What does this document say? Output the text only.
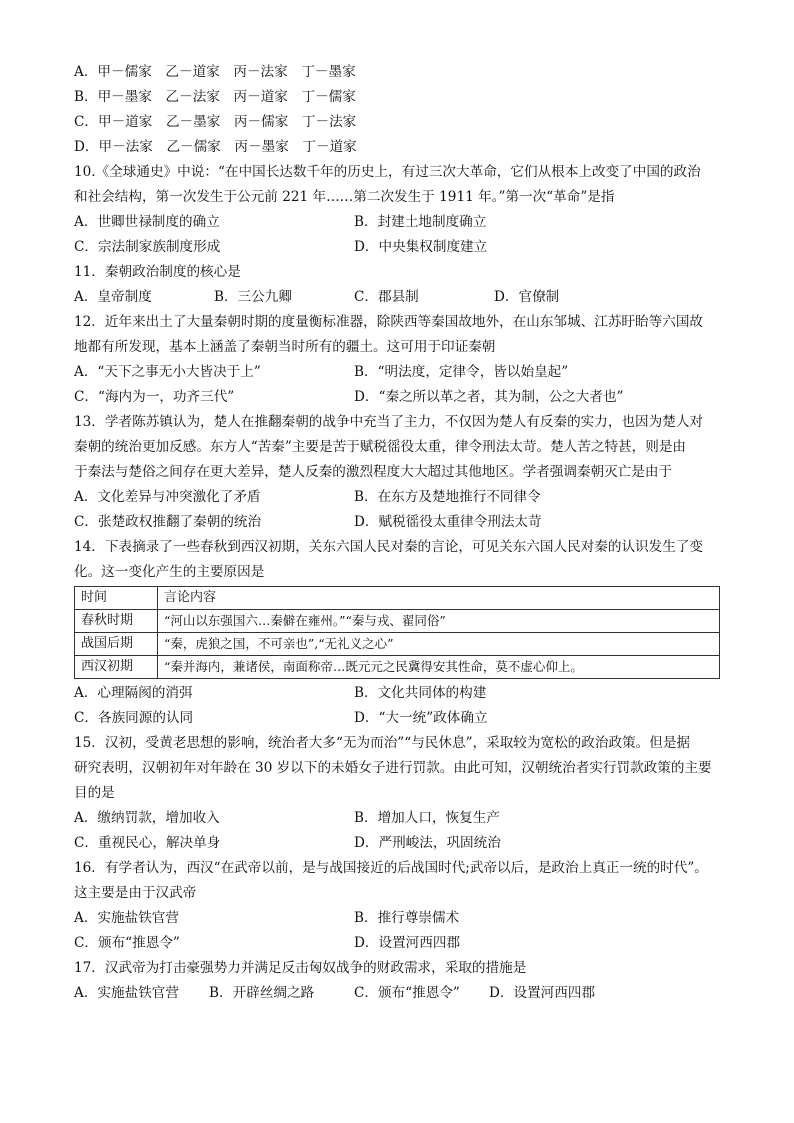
A．甲－儒家　乙－道家　丙－法家　丁－墨家
B．甲－墨家　乙－法家　丙－道家　丁－儒家
C．甲－道家　乙－墨家　丙－儒家　丁－法家
D．甲－法家　乙－儒家　丙－墨家　丁－道家
10.《全球通史》中说：“在中国长达数千年的历史上，有过三次大革命，它们从根本上改变了中国的政治
和社会结构，第一次发生于公元前 221 年……第二次发生于 1911 年。”第一次“革命”是指
A．世卿世禄制度的确立	B．封建土地制度确立
C．宗法制家族制度形成	D．中央集权制度建立
11．秦朝政治制度的核心是
A．皇帝制度	B．三公九卿	C．郡县制	D．官僚制
12．近年来出土了大量秦朝时期的度量衡标准器，除陕西等秦国故地外，在山东邹城、江苏盱眙等六国故
地都有所发现，基本上涵盖了秦朝当时所有的疆土。这可用于印证秦朝
A．“天下之事无小大皆决于上”	B．“明法度，定律令，皆以始皇起”
C．“海内为一，功齐三代”	D．“秦之所以革之者，其为制，公之大者也”
13．学者陈苏镇认为，楚人在推翻秦朝的战争中充当了主力，不仅因为楚人有反秦的实力，也因为楚人对
秦朝的统治更加反感。东方人“苦秦”主要是苦于赋税徭役太重，律令刑法太苛。楚人苦之特甚，则是由
于秦法与楚俗之间存在更大差异，楚人反秦的激烈程度大大超过其他地区。学者强调秦朝灭亡是由于
A．文化差异与冲突激化了矛盾	B．在东方及楚地推行不同律令
C．张楚政权推翻了秦朝的统治	D．赋税徭役太重律令刑法太苛
14．下表摘录了一些春秋到西汉初期，关东六国人民对秦的言论，可见关东六国人民对秦的认识发生了变
化。这一变化产生的主要原因是
时间	言论内容
春秋时期	“河山以东强国六…秦僻在雍州。”“秦与戎、翟同俗”
战国后期	“秦，虎狼之国，不可亲也”,“无礼义之心”
西汉初期	“秦并海内，兼诸侯，南面称帝…既元元之民冀得安其性命，莫不虚心仰上。
A．心理隔阂的消弭	B．文化共同体的构建
C．各族同源的认同	D．“大一统”政体确立
15．汉初，受黄老思想的影响，统治者大多“无为而治”“与民休息”，采取较为宽松的政治政策。但是据
研究表明，汉朝初年对年龄在 30 岁以下的未婚女子进行罚款。由此可知，汉朝统治者实行罚款政策的主要
目的是
A．缴纳罚款，增加收入	B．增加人口，恢复生产
C．重视民心，解决单身	D．严刑峻法，巩固统治
16．有学者认为，西汉“在武帝以前，是与战国接近的后战国时代;武帝以后，是政治上真正一统的时代”。
这主要是由于汉武帝
A．实施盐铁官营	B．推行尊崇儒术
C．颁布“推恩令”	D．设置河西四郡
17．汉武帝为打击豪强势力并满足反击匈奴战争的财政需求，采取的措施是
A．实施盐铁官营 B．开辟丝绸之路	C．颁布“推恩令” D．设置河西四郡
